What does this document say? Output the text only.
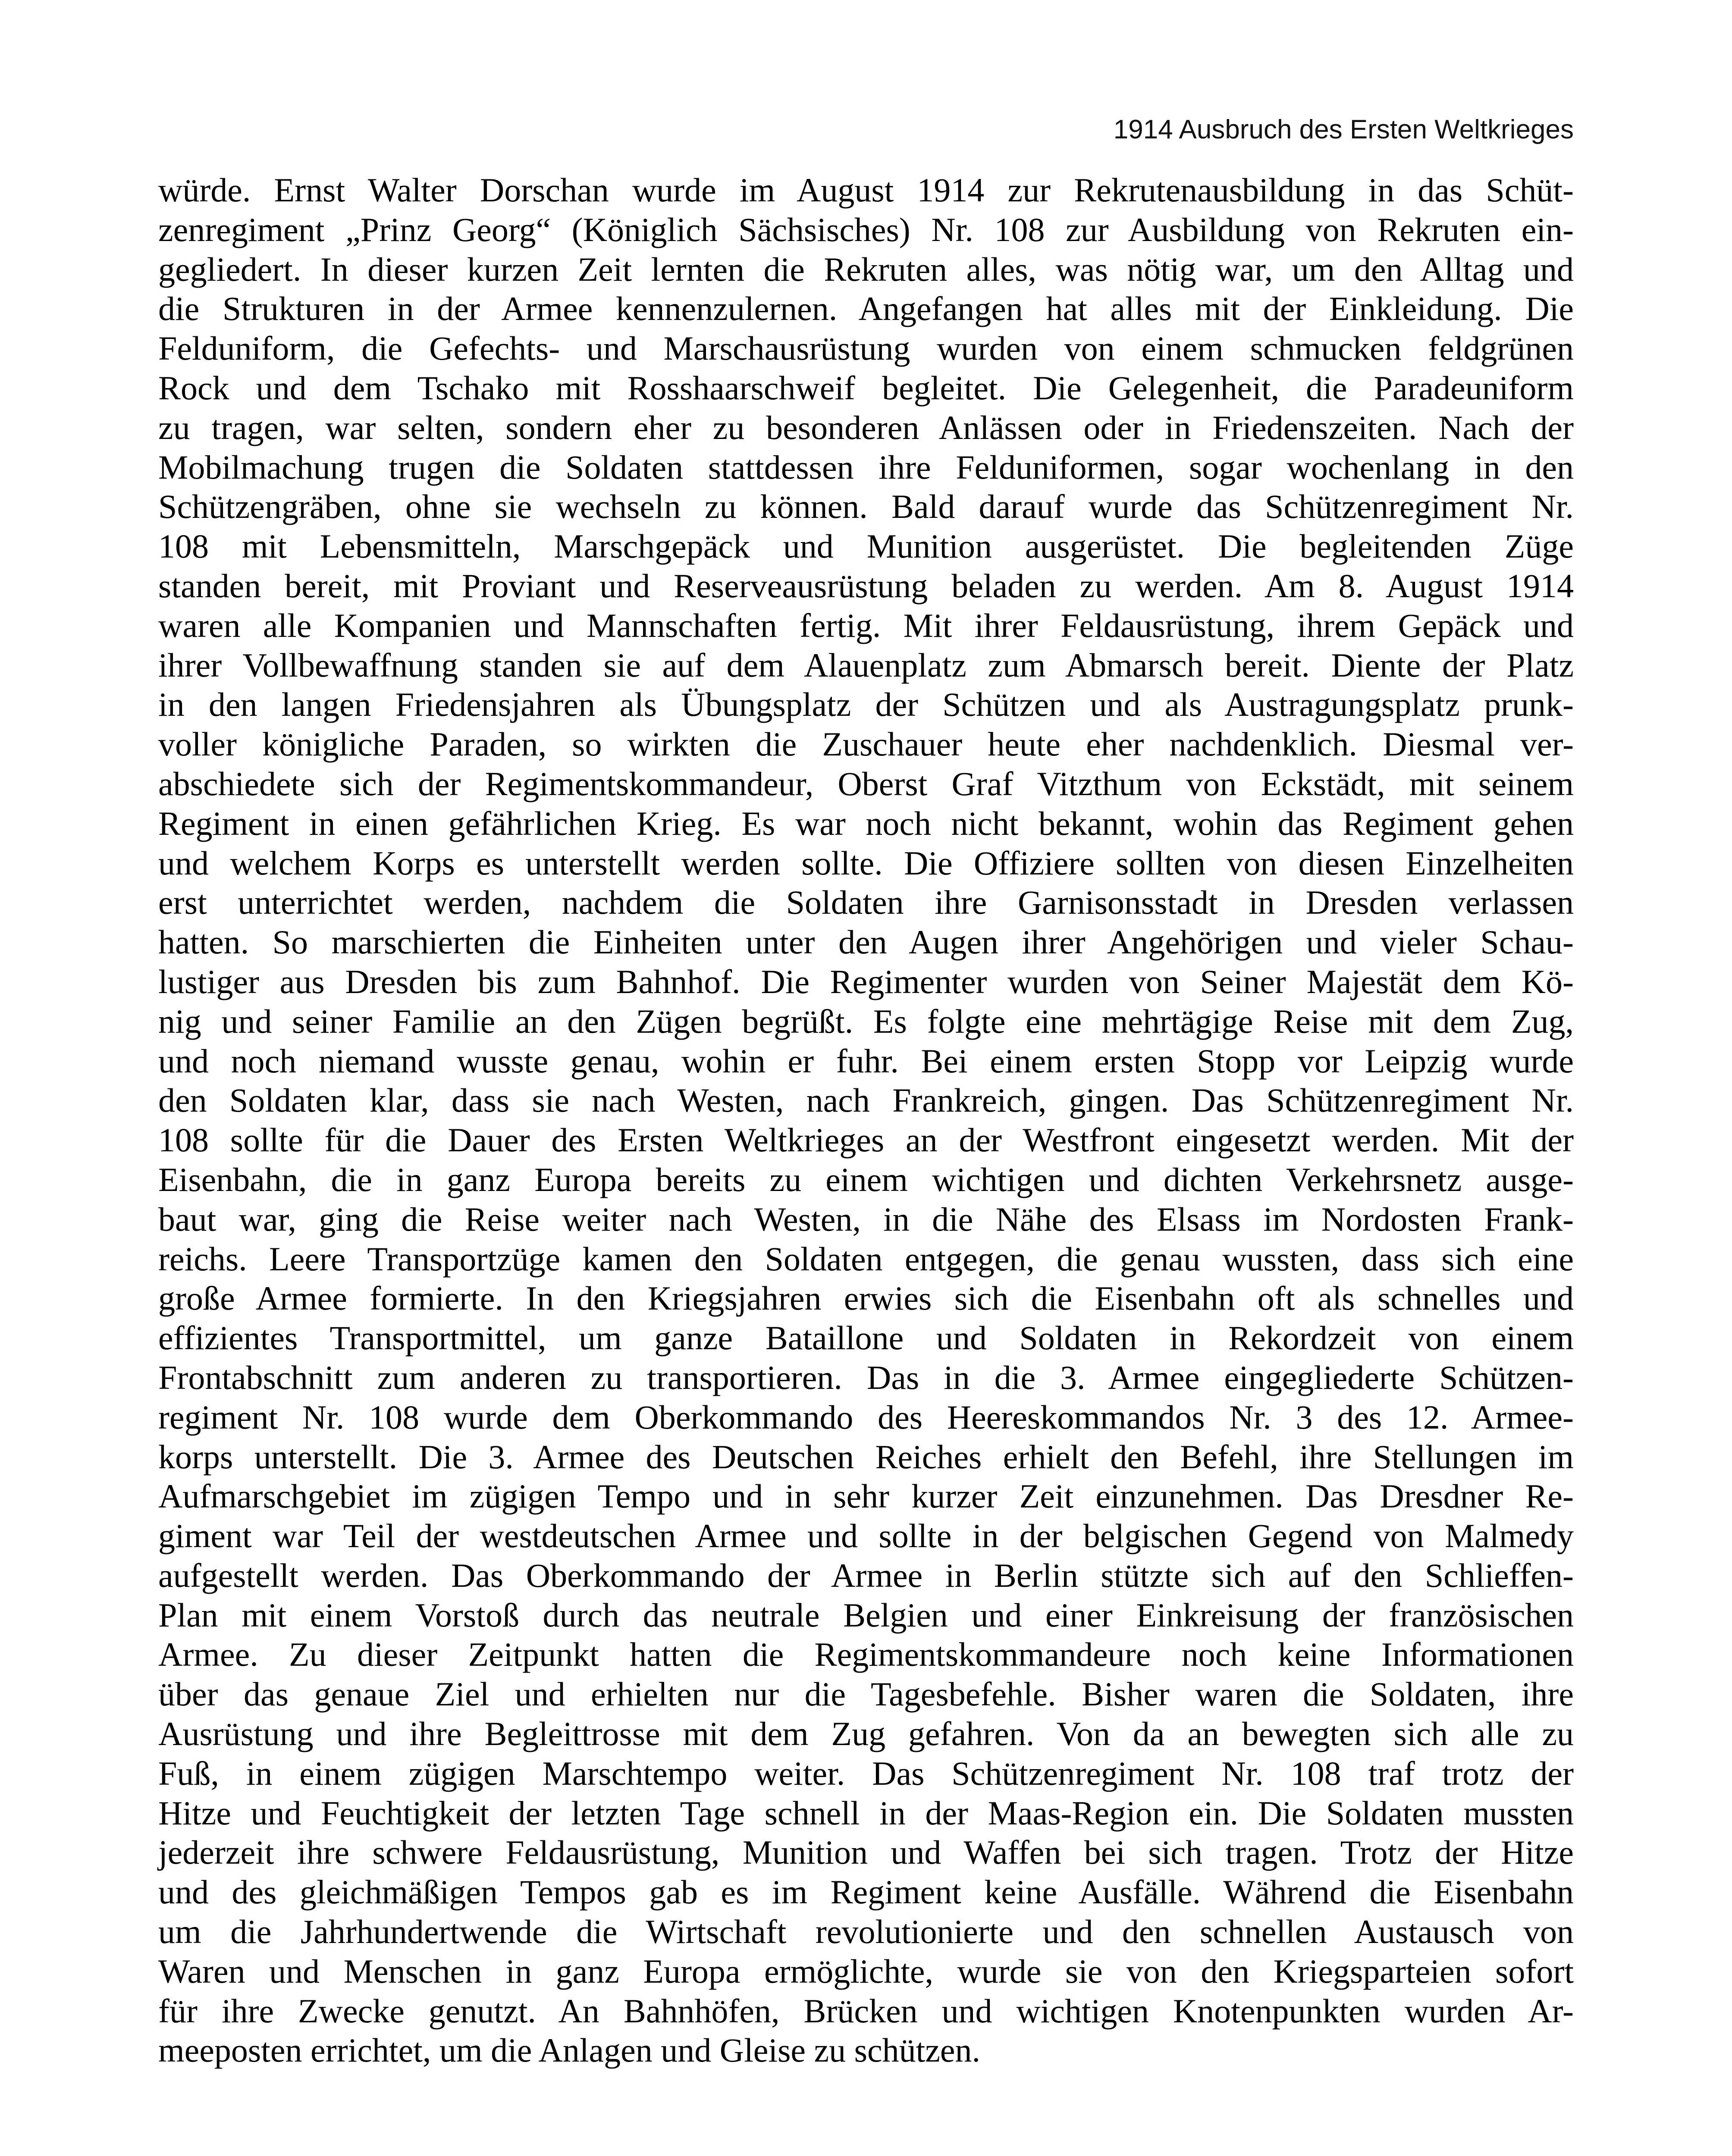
1914 Ausbruch des Ersten Weltkrieges
würde. Ernst Walter Dorschan wurde im August 1914 zur Rekrutenausbildung in das Schüt-
zenregiment „Prinz Georg“ (Königlich Sächsisches) Nr. 108 zur Ausbildung von Rekruten ein-
gegliedert. In dieser kurzen Zeit lernten die Rekruten alles, was nötig war, um den Alltag und
die Strukturen in der Armee kennenzulernen. Angefangen hat alles mit der Einkleidung. Die
Felduniform, die Gefechts- und Marschausrüstung wurden von einem schmucken feldgrünen
Rock und dem Tschako mit Rosshaarschweif begleitet. Die Gelegenheit, die Paradeuniform
zu tragen, war selten, sondern eher zu besonderen Anlässen oder in Friedenszeiten. Nach der
Mobilmachung trugen die Soldaten stattdessen ihre Felduniformen, sogar wochenlang in den
Schützengräben, ohne sie wechseln zu können. Bald darauf wurde das Schützenregiment Nr.
108 mit Lebensmitteln, Marschgepäck und Munition ausgerüstet. Die begleitenden Züge
standen bereit, mit Proviant und Reserveausrüstung beladen zu werden. Am 8. August 1914
waren alle Kompanien und Mannschaften fertig. Mit ihrer Feldausrüstung, ihrem Gepäck und
ihrer Vollbewaffnung standen sie auf dem Alauenplatz zum Abmarsch bereit. Diente der Platz
in den langen Friedensjahren als Übungsplatz der Schützen und als Austragungsplatz prunk-
voller königliche Paraden, so wirkten die Zuschauer heute eher nachdenklich. Diesmal ver-
abschiedete sich der Regimentskommandeur, Oberst Graf Vitzthum von Eckstädt, mit seinem
Regiment in einen gefährlichen Krieg. Es war noch nicht bekannt, wohin das Regiment gehen
und welchem Korps es unterstellt werden sollte. Die Offiziere sollten von diesen Einzelheiten
erst unterrichtet werden, nachdem die Soldaten ihre Garnisonsstadt in Dresden verlassen
hatten. So marschierten die Einheiten unter den Augen ihrer Angehörigen und vieler Schau-
lustiger aus Dresden bis zum Bahnhof. Die Regimenter wurden von Seiner Majestät dem Kö-
nig und seiner Familie an den Zügen begrüßt. Es folgte eine mehrtägige Reise mit dem Zug,
und noch niemand wusste genau, wohin er fuhr. Bei einem ersten Stopp vor Leipzig wurde
den Soldaten klar, dass sie nach Westen, nach Frankreich, gingen. Das Schützenregiment Nr.
108 sollte für die Dauer des Ersten Weltkrieges an der Westfront eingesetzt werden. Mit der
Eisenbahn, die in ganz Europa bereits zu einem wichtigen und dichten Verkehrsnetz ausge-
baut war, ging die Reise weiter nach Westen, in die Nähe des Elsass im Nordosten Frank-
reichs. Leere Transportzüge kamen den Soldaten entgegen, die genau wussten, dass sich eine
große Armee formierte. In den Kriegsjahren erwies sich die Eisenbahn oft als schnelles und
effizientes Transportmittel, um ganze Bataillone und Soldaten in Rekordzeit von einem
Frontabschnitt zum anderen zu transportieren. Das in die 3. Armee eingegliederte Schützen-
regiment Nr. 108 wurde dem Oberkommando des Heereskommandos Nr. 3 des 12. Armee-
korps unterstellt. Die 3. Armee des Deutschen Reiches erhielt den Befehl, ihre Stellungen im
Aufmarschgebiet im zügigen Tempo und in sehr kurzer Zeit einzunehmen. Das Dresdner Re-
giment war Teil der westdeutschen Armee und sollte in der belgischen Gegend von Malmedy
aufgestellt werden. Das Oberkommando der Armee in Berlin stützte sich auf den Schlieffen-
Plan mit einem Vorstoß durch das neutrale Belgien und einer Einkreisung der französischen
Armee. Zu dieser Zeitpunkt hatten die Regimentskommandeure noch keine Informationen
über das genaue Ziel und erhielten nur die Tagesbefehle. Bisher waren die Soldaten, ihre
Ausrüstung und ihre Begleittrosse mit dem Zug gefahren. Von da an bewegten sich alle zu
Fuß, in einem zügigen Marschtempo weiter. Das Schützenregiment Nr. 108 traf trotz der
Hitze und Feuchtigkeit der letzten Tage schnell in der Maas-Region ein. Die Soldaten mussten
jederzeit ihre schwere Feldausrüstung, Munition und Waffen bei sich tragen. Trotz der Hitze
und des gleichmäßigen Tempos gab es im Regiment keine Ausfälle. Während die Eisenbahn
um die Jahrhundertwende die Wirtschaft revolutionierte und den schnellen Austausch von
Waren und Menschen in ganz Europa ermöglichte, wurde sie von den Kriegsparteien sofort
für ihre Zwecke genutzt. An Bahnhöfen, Brücken und wichtigen Knotenpunkten wurden Ar-
meeposten errichtet, um die Anlagen und Gleise zu schützen.
